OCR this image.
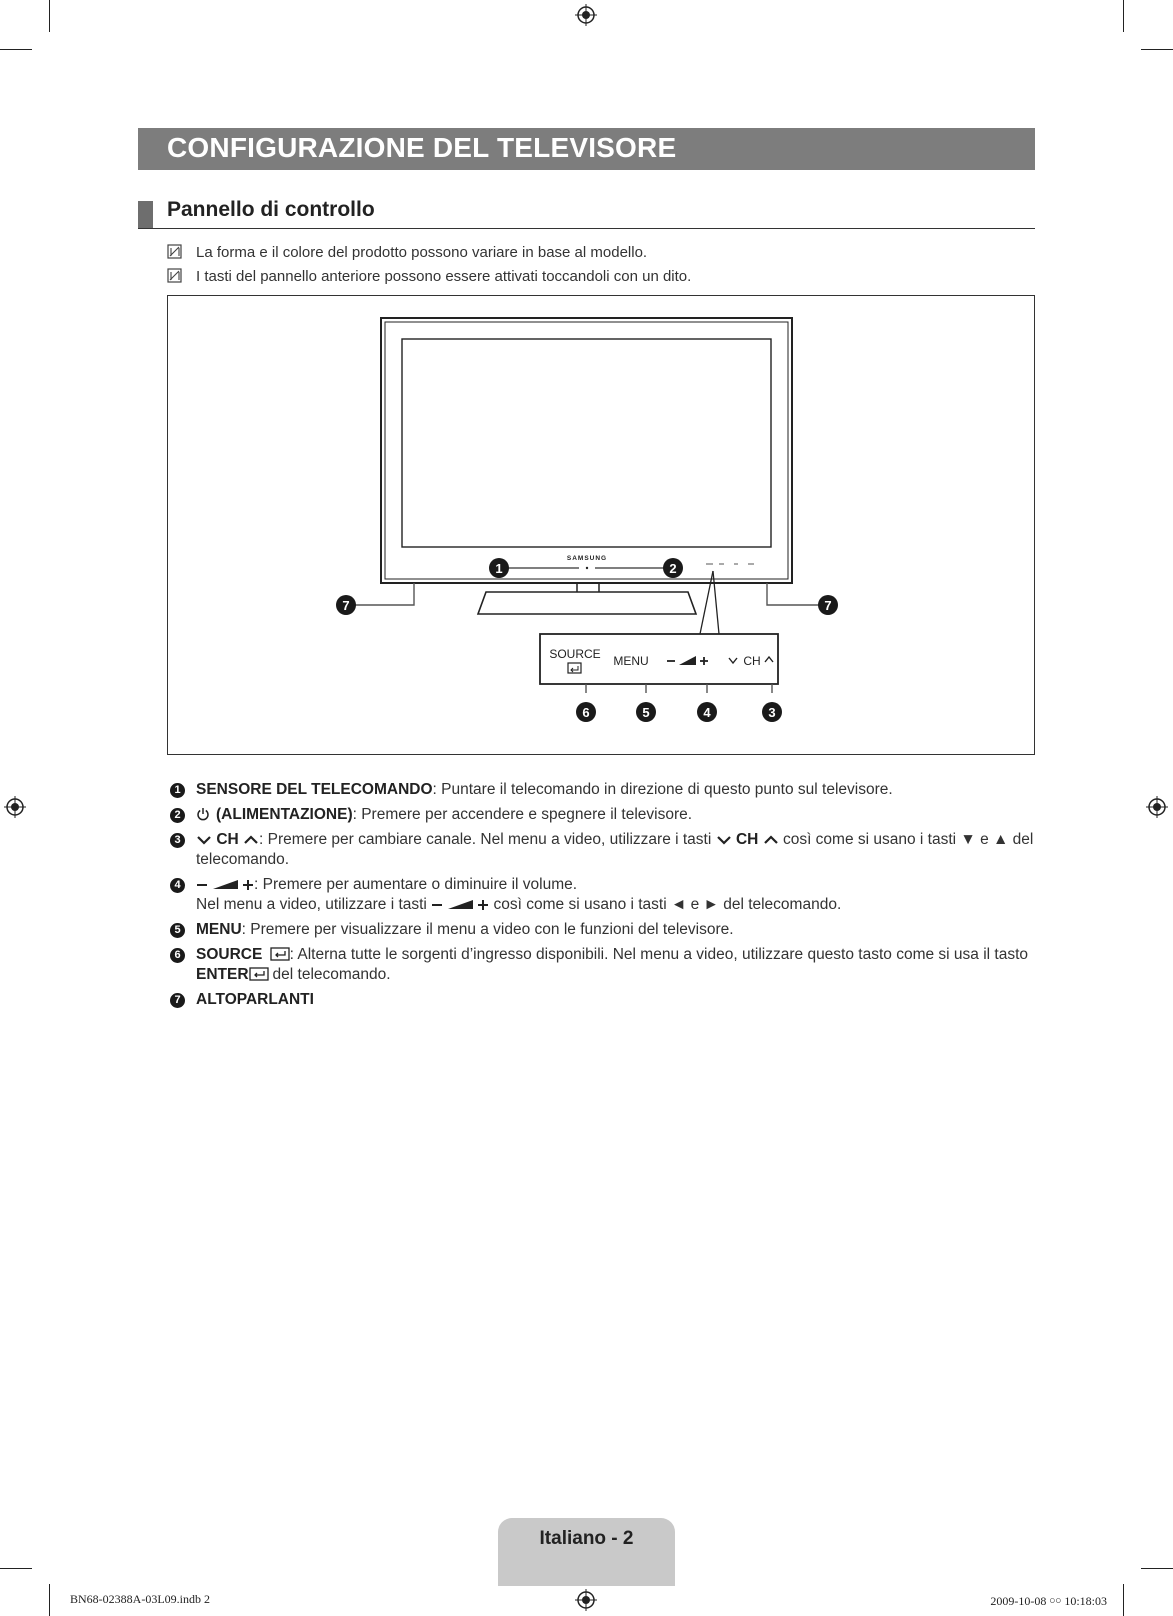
CONFIGURAZIONE DEL TELEVISORE
Pannello di controllo
La forma e il colore del prodotto possono variare in base al modello.
I tasti del pannello anteriore possono essere attivati toccandoli con un dito.
SAMSUNG
SOURCE MENU	CH
1	2
7	7
6	5	4	3
1 SENSORE DEL TELECOMANDO: Puntare il telecomando in direzione di questo punto sul televisore.
2 (ALIMENTAZIONE): Premere per accendere e spegnere il televisore.
3 CH : Premere per cambiare canale. Nel menu a video, utilizzare i tasti CH così come si usano i tasti ▼ e ▲ del telecomando.
4	: Premere per aumentare o diminuire il volume.
Nel menu a video, utilizzare i tasti	così come si usano i tasti ◄ e ► del telecomando.
5 MENU: Premere per visualizzare il menu a video con le funzioni del televisore.
6 SOURCE : Alterna tutte le sorgenti d’ingresso disponibili. Nel menu a video, utilizzare questo tasto come si usa il tasto ENTER del telecomando.
7 ALTOPARLANTI
Italiano - 2
BN68-02388A-03L09.indb 2	2009-10-08 ￮￮ 10:18:03
